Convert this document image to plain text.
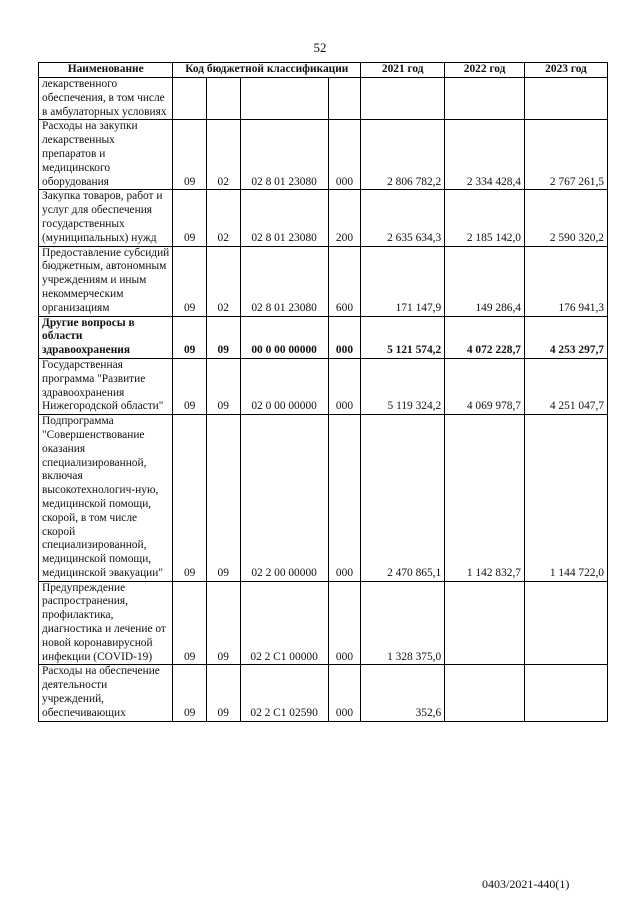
52
Наименование	Код бюджетной классификации				2021 год	2022 год	2023 год
лекарственного обеспечения, в том числе в амбулаторных условиях							
Расходы на закупки лекарственных препаратов и медицинского оборудования	09	02	02 8 01 23080	000	2 806 782,2	2 334 428,4	2 767 261,5
Закупка товаров, работ и услуг для обеспечения государственных (муниципальных) нужд	09	02	02 8 01 23080	200	2 635 634,3	2 185 142,0	2 590 320,2
Предоставление субсидий бюджетным, автономным учреждениям и иным некоммерческим организациям	09	02	02 8 01 23080	600	171 147,9	149 286,4	176 941,3
Другие вопросы в области здравоохранения	09	09	00 0 00 00000	000	5 121 574,2	4 072 228,7	4 253 297,7
Государственная программа "Развитие здравоохранения Нижегородской области"	09	09	02 0 00 00000	000	5 119 324,2	4 069 978,7	4 251 047,7
Подпрограмма "Совершенствование оказания специализированной, включая высокотехнологич-ную, медицинской помощи, скорой, в том числе скорой специализированной, медицинской помощи, медицинской эвакуации"	09	09	02 2 00 00000	000	2 470 865,1	1 142 832,7	1 144 722,0
Предупреждение распространения, профилактика, диагностика и лечение от новой коронавирусной инфекции (COVID-19)	09	09	02 2 C1 00000	000	1 328 375,0		
Расходы на обеспечение деятельности учреждений, обеспечивающих	09	09	02 2 C1 02590	000	352,6		
0403/2021-440(1)
